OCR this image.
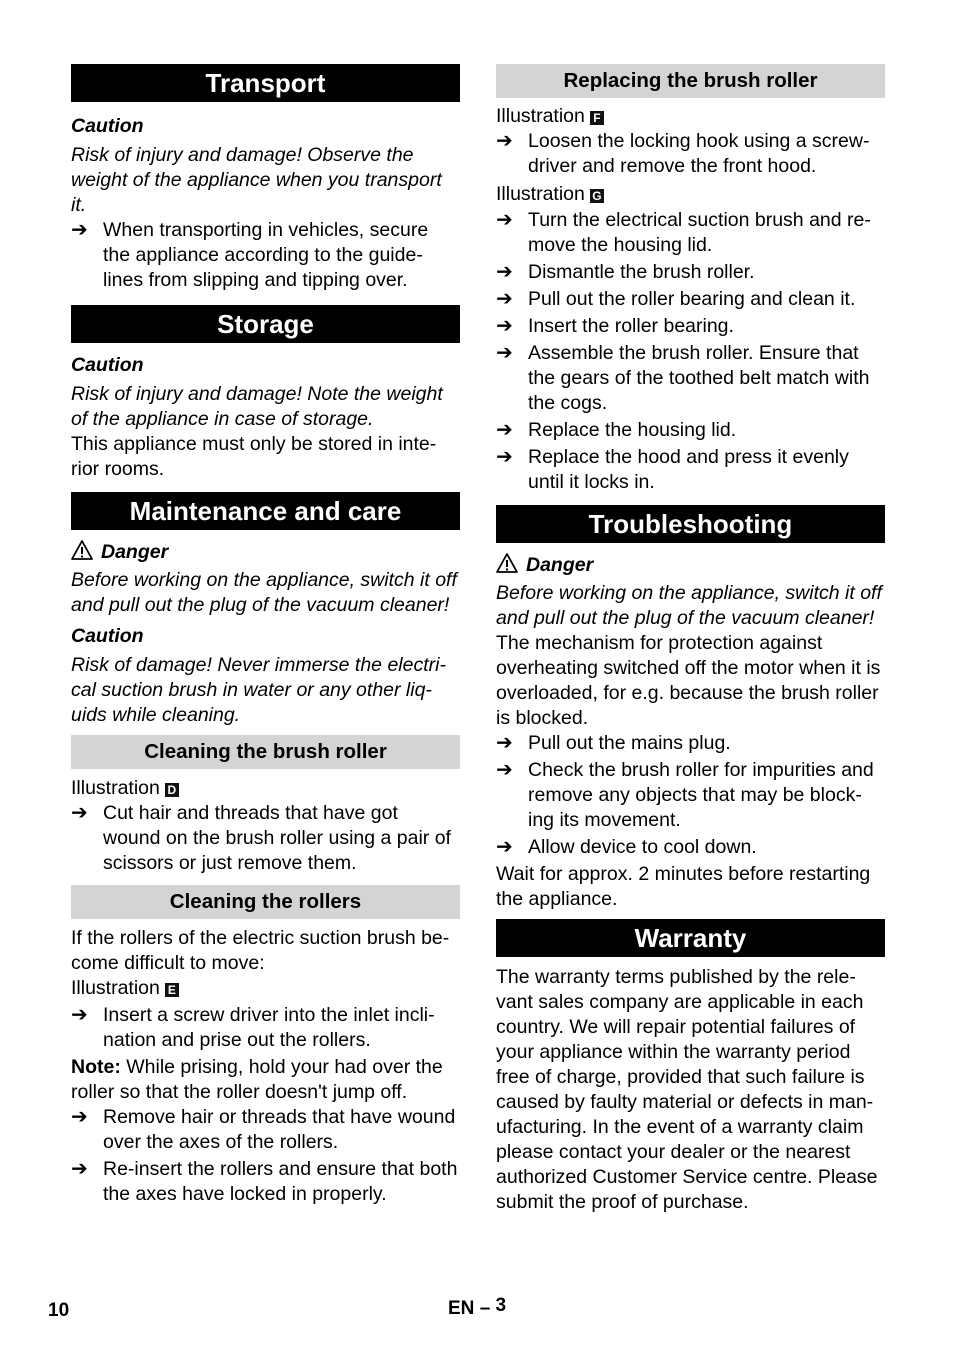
Transport

Caution

Risk of injury and damage! Observe the weight of the appliance when you transport it.

➔ When transporting in vehicles, secure the appliance according to the guide-lines from slipping and tipping over.
Storage

Caution

Risk of injury and damage! Note the weight of the appliance in case of storage.

This appliance must only be stored in inte-rior rooms.

Maintenance and care

Danger

Before working on the appliance, switch it off and pull out the plug of the vacuum cleaner!

Caution

Risk of damage! Never immerse the electri-cal suction brush in water or any other liq-uids while cleaning.

Cleaning the brush roller

Illustration D

➔ Cut hair and threads that have got wound on the brush roller using a pair of scissors or just remove them.
Cleaning the rollers

If the rollers of the electric suction brush be-come difficult to move:

Illustration E

➔ Insert a screw driver into the inlet incli-nation and prise out the rollers.

Note: While prising, hold your had over the roller so that the roller doesn't jump off.

➔ Remove hair or threads that have wound over the axes of the rollers.
➔ Re-insert the rollers and ensure that both the axes have locked in properly.
Replacing the brush roller

Illustration F

➔ Loosen the locking hook using a screw-driver and remove the front hood.

Illustration G

➔ Turn the electrical suction brush and re-move the housing lid.
➔ Dismantle the brush roller.
➔ Pull out the roller bearing and clean it.
➔ Insert the roller bearing.
➔ Assemble the brush roller. Ensure that the gears of the toothed belt match with the cogs.
➔ Replace the housing lid.
➔ Replace the hood and press it evenly until it locks in.
Troubleshooting

Danger

Before working on the appliance, switch it off and pull out the plug of the vacuum cleaner!

The mechanism for protection against overheating switched off the motor when it is overloaded, for e.g. because the brush roller is blocked.

➔ Pull out the mains plug.
➔ Check the brush roller for impurities and remove any objects that may be block-ing its movement.
➔ Allow device to cool down.

Wait for approx. 2 minutes before restarting the appliance.

Warranty

The warranty terms published by the rele-vant sales company are applicable in each country. We will repair potential failures of your appliance within the warranty period free of charge, provided that such failure is caused by faulty material or defects in man-ufacturing. In the event of a warranty claim please contact your dealer or the nearest authorized Customer Service centre. Please submit the proof of purchase.

10	EN – 3
